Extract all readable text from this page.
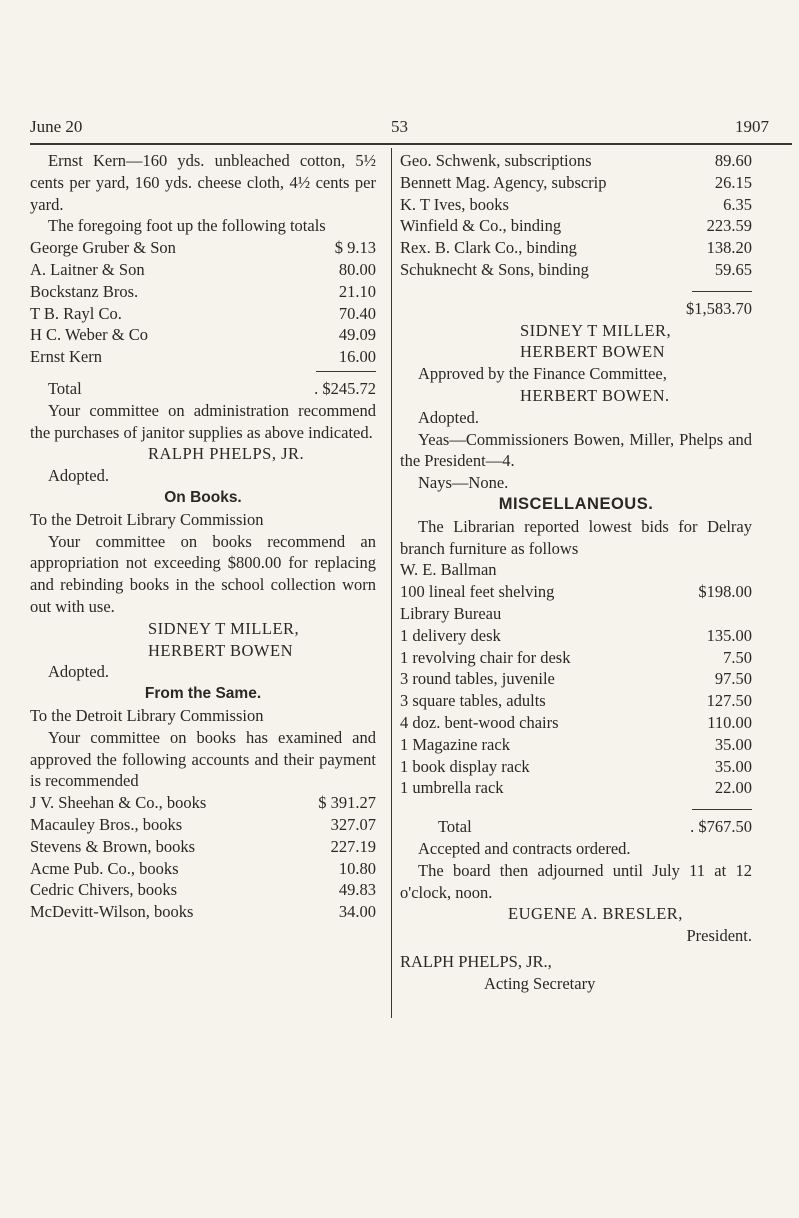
June 20	53	1907

Ernst Kern—160 yds. unbleached cotton, 5½ cents per yard, 160 yds. cheese cloth, 4½ cents per yard.

The foregoing foot up the following totals

George Gruber & Son	$ 9.13
A. Laitner & Son	80.00
Bockstanz Bros.	21.10
T B. Rayl Co.	70.40
H C. Weber & Co	49.09
Ernst Kern	16.00
Total	. $245.72

Your committee on administration recommend the purchases of janitor supplies as above indicated.

RALPH PHELPS, JR.

Adopted.

On Books.

To the Detroit Library Commission

Your committee on books recommend an appropriation not exceeding $800.00 for replacing and rebinding books in the school collection worn out with use.

SIDNEY T MILLER,

HERBERT BOWEN

Adopted.

From the Same.

To the Detroit Library Commission

Your committee on books has examined and approved the following accounts and their payment is recommended

J V. Sheehan & Co., books	$ 391.27
Macauley Bros., books	327.07
Stevens & Brown, books	227.19
Acme Pub. Co., books	10.80
Cedric Chivers, books	49.83
McDevitt-Wilson, books	34.00
Geo. Schwenk, subscriptions	89.60
Bennett Mag. Agency, subscrip	26.15
K. T Ives, books	6.35
Winfield & Co., binding	223.59
Rex. B. Clark Co., binding	138.20
Schuknecht & Sons, binding	59.65

$1,583.70

SIDNEY T MILLER,

HERBERT BOWEN

Approved by the Finance Committee,

HERBERT BOWEN.

Adopted.

Yeas—Commissioners Bowen, Miller, Phelps and the President—4.

Nays—None.

MISCELLANEOUS.

The Librarian reported lowest bids for Delray branch furniture as follows

W. E. Ballman

100 lineal feet shelving	$198.00

Library Bureau

1 delivery desk	135.00
1 revolving chair for desk	7.50
3 round tables, juvenile	97.50
3 square tables, adults	127.50
4 doz. bent-wood chairs	110.00
1 Magazine rack	35.00
1 book display rack	35.00
1 umbrella rack	22.00
Total	. $767.50

Accepted and contracts ordered.

The board then adjourned until July 11 at 12 o'clock, noon.

EUGENE A. BRESLER,

President.

RALPH PHELPS, JR.,

Acting Secretary
